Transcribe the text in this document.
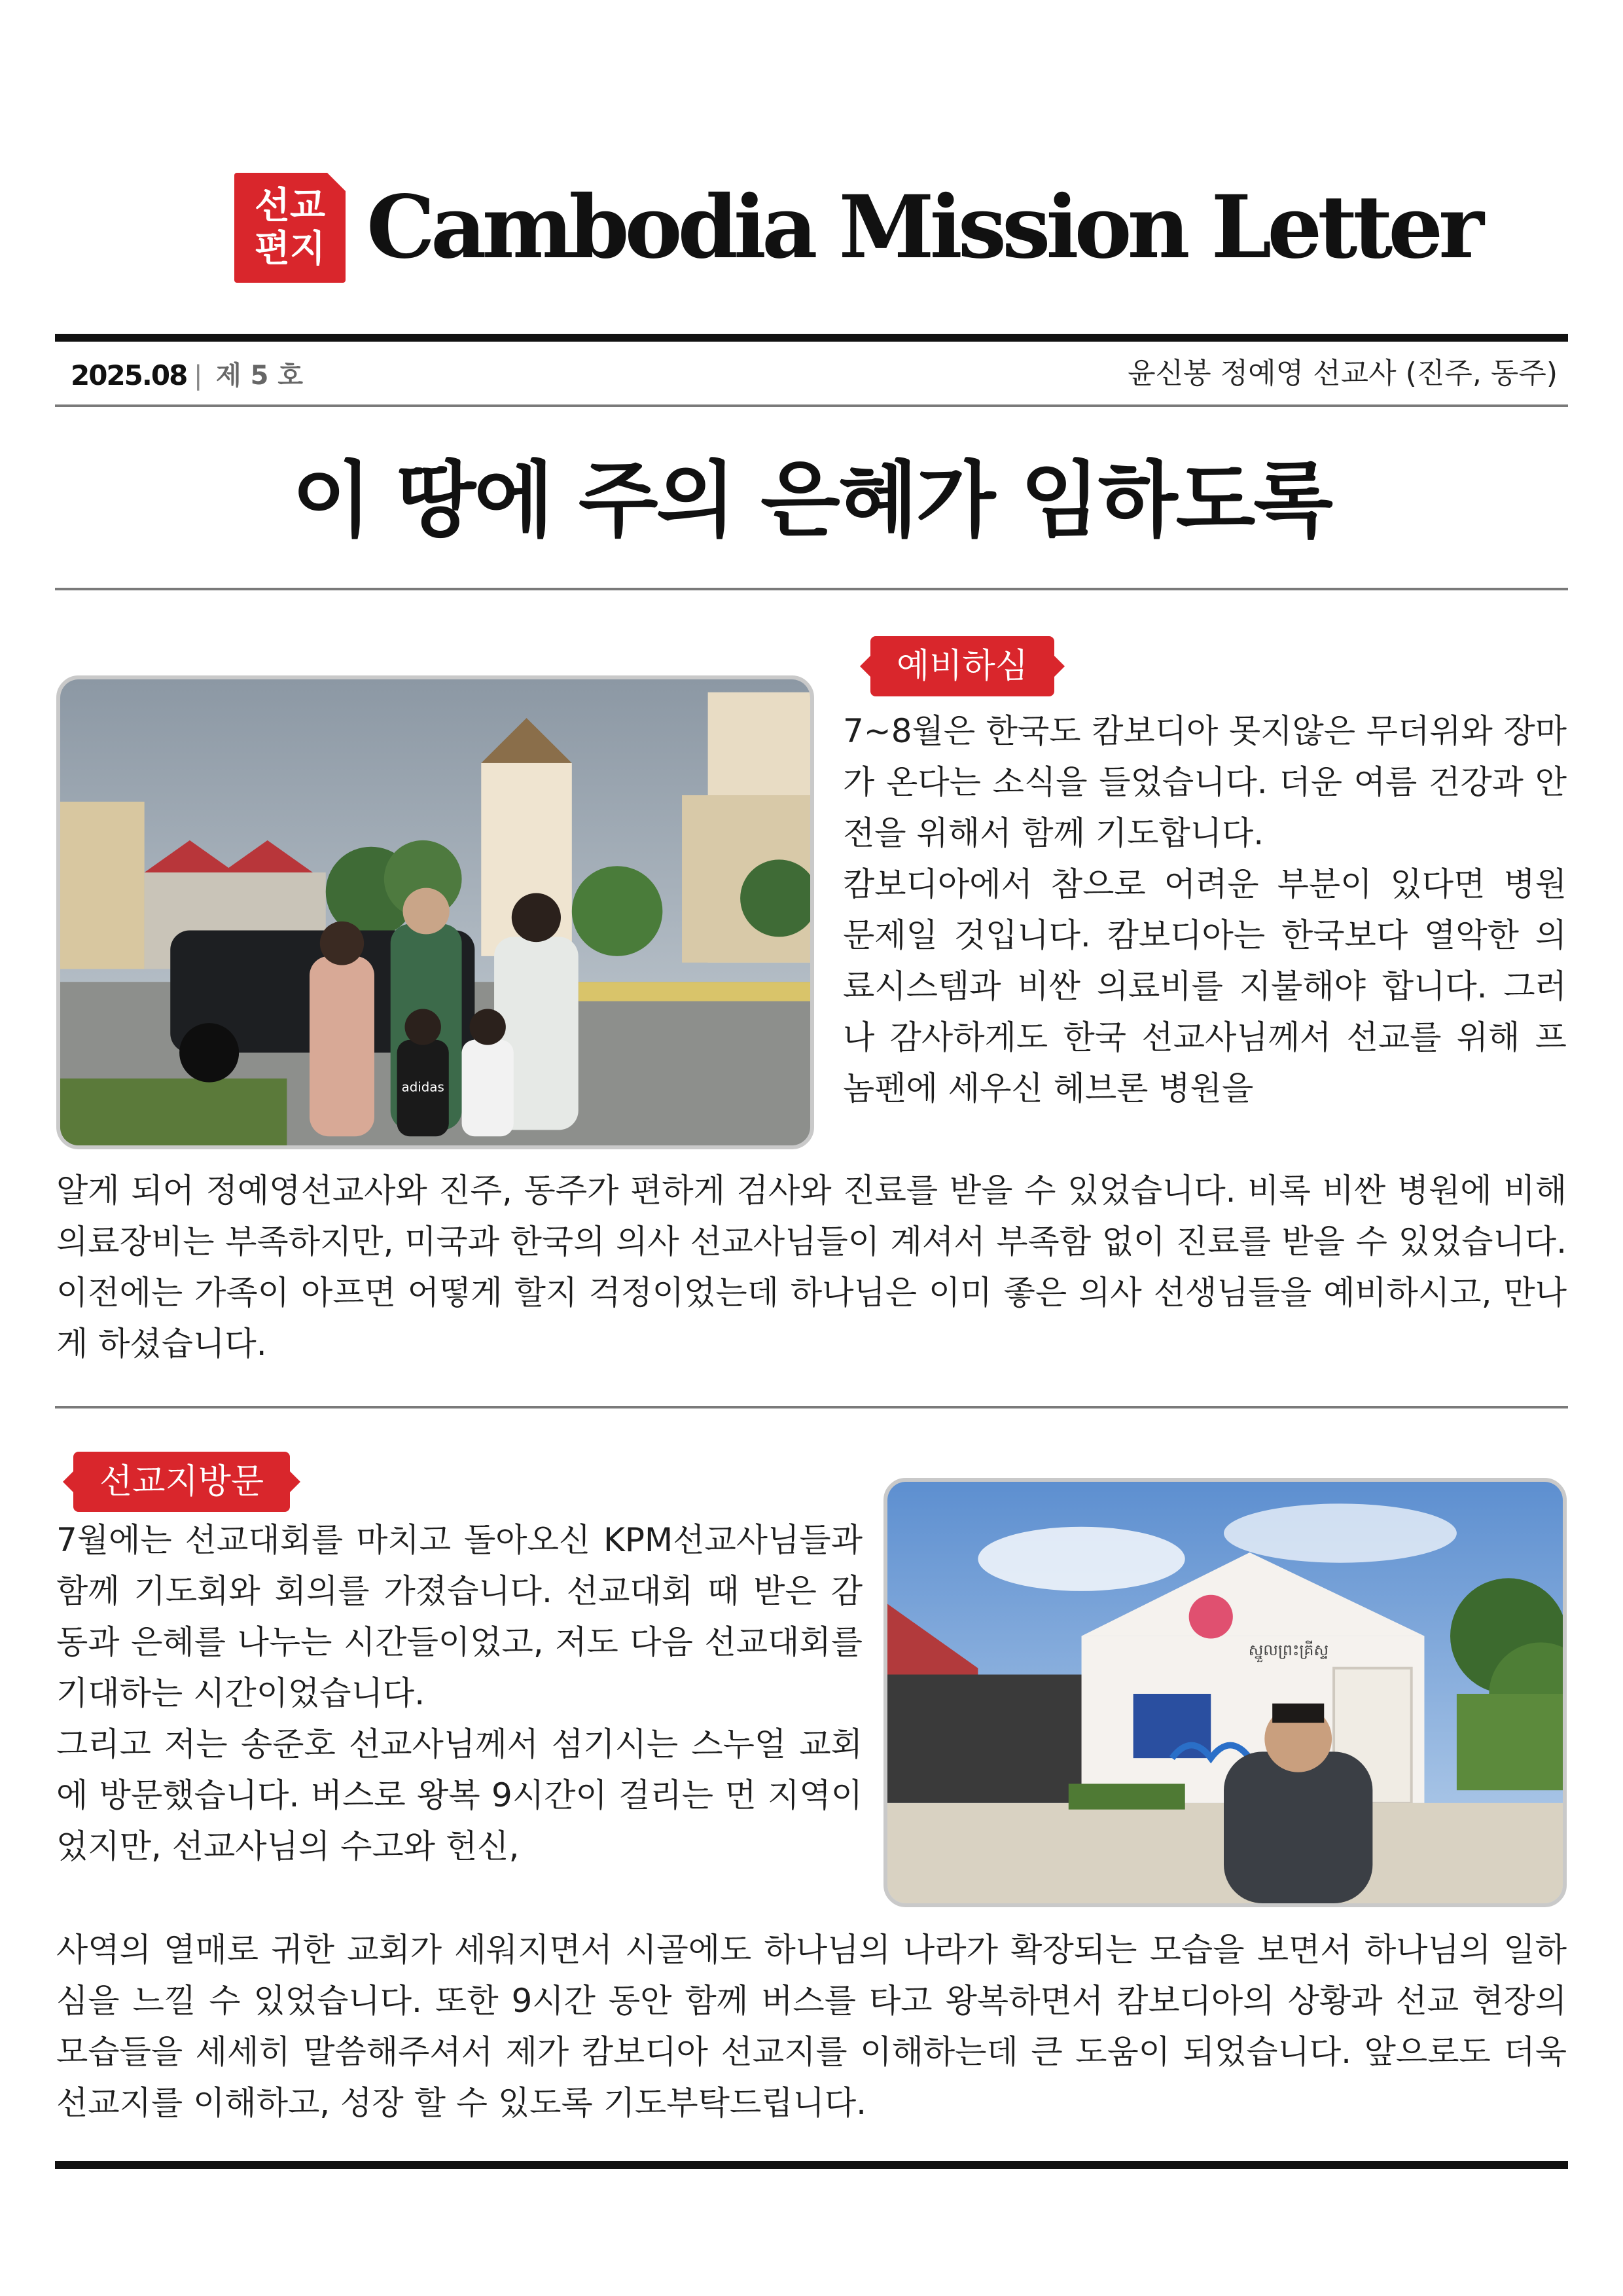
선교
편지 Cambodia Mission Letter
2025.08 | 제 5 호	윤신봉 정예영 선교사 (진주, 동주)
이 땅에 주의 은혜가 임하도록
예비하심
adidas

7~8월은 한국도 캄보디아 못지않은 무더위와 장마가 온다는 소식을 들었습니다. 더운 여름 건강과 안전을 위해서 함께 기도합니다.

캄보디아에서 참으로 어려운 부분이 있다면 병원 문제일 것입니다. 캄보디아는 한국보다 열악한 의료시스템과 비싼 의료비를 지불해야 합니다. 그러나 감사하게도 한국 선교사님께서 선교를 위해 프놈펜에 세우신 헤브론 병원을

알게 되어 정예영선교사와 진주, 동주가 편하게 검사와 진료를 받을 수 있었습니다. 비록 비싼 병원에 비해 의료장비는 부족하지만, 미국과 한국의 의사 선교사님들이 계셔서 부족함 없이 진료를 받을 수 있었습니다. 이전에는 가족이 아프면 어떻게 할지 걱정이었는데 하나님은 이미 좋은 의사 선생님들을 예비하시고, 만나게 하셨습니다.

선교지방문
ស្នួលព្រះគ្រីស្ទ

7월에는 선교대회를 마치고 돌아오신 KPM선교사님들과 함께 기도회와 회의를 가졌습니다. 선교대회 때 받은 감동과 은혜를 나누는 시간들이었고, 저도 다음 선교대회를 기대하는 시간이었습니다.

그리고 저는 송준호 선교사님께서 섬기시는 스누얼 교회에 방문했습니다. 버스로 왕복 9시간이 걸리는 먼 지역이었지만, 선교사님의 수고와 헌신,

사역의 열매로 귀한 교회가 세워지면서 시골에도 하나님의 나라가 확장되는 모습을 보면서 하나님의 일하심을 느낄 수 있었습니다. 또한 9시간 동안 함께 버스를 타고 왕복하면서 캄보디아의 상황과 선교 현장의 모습들을 세세히 말씀해주셔서 제가 캄보디아 선교지를 이해하는데 큰 도움이 되었습니다. 앞으로도 더욱 선교지를 이해하고, 성장 할 수 있도록 기도부탁드립니다.
